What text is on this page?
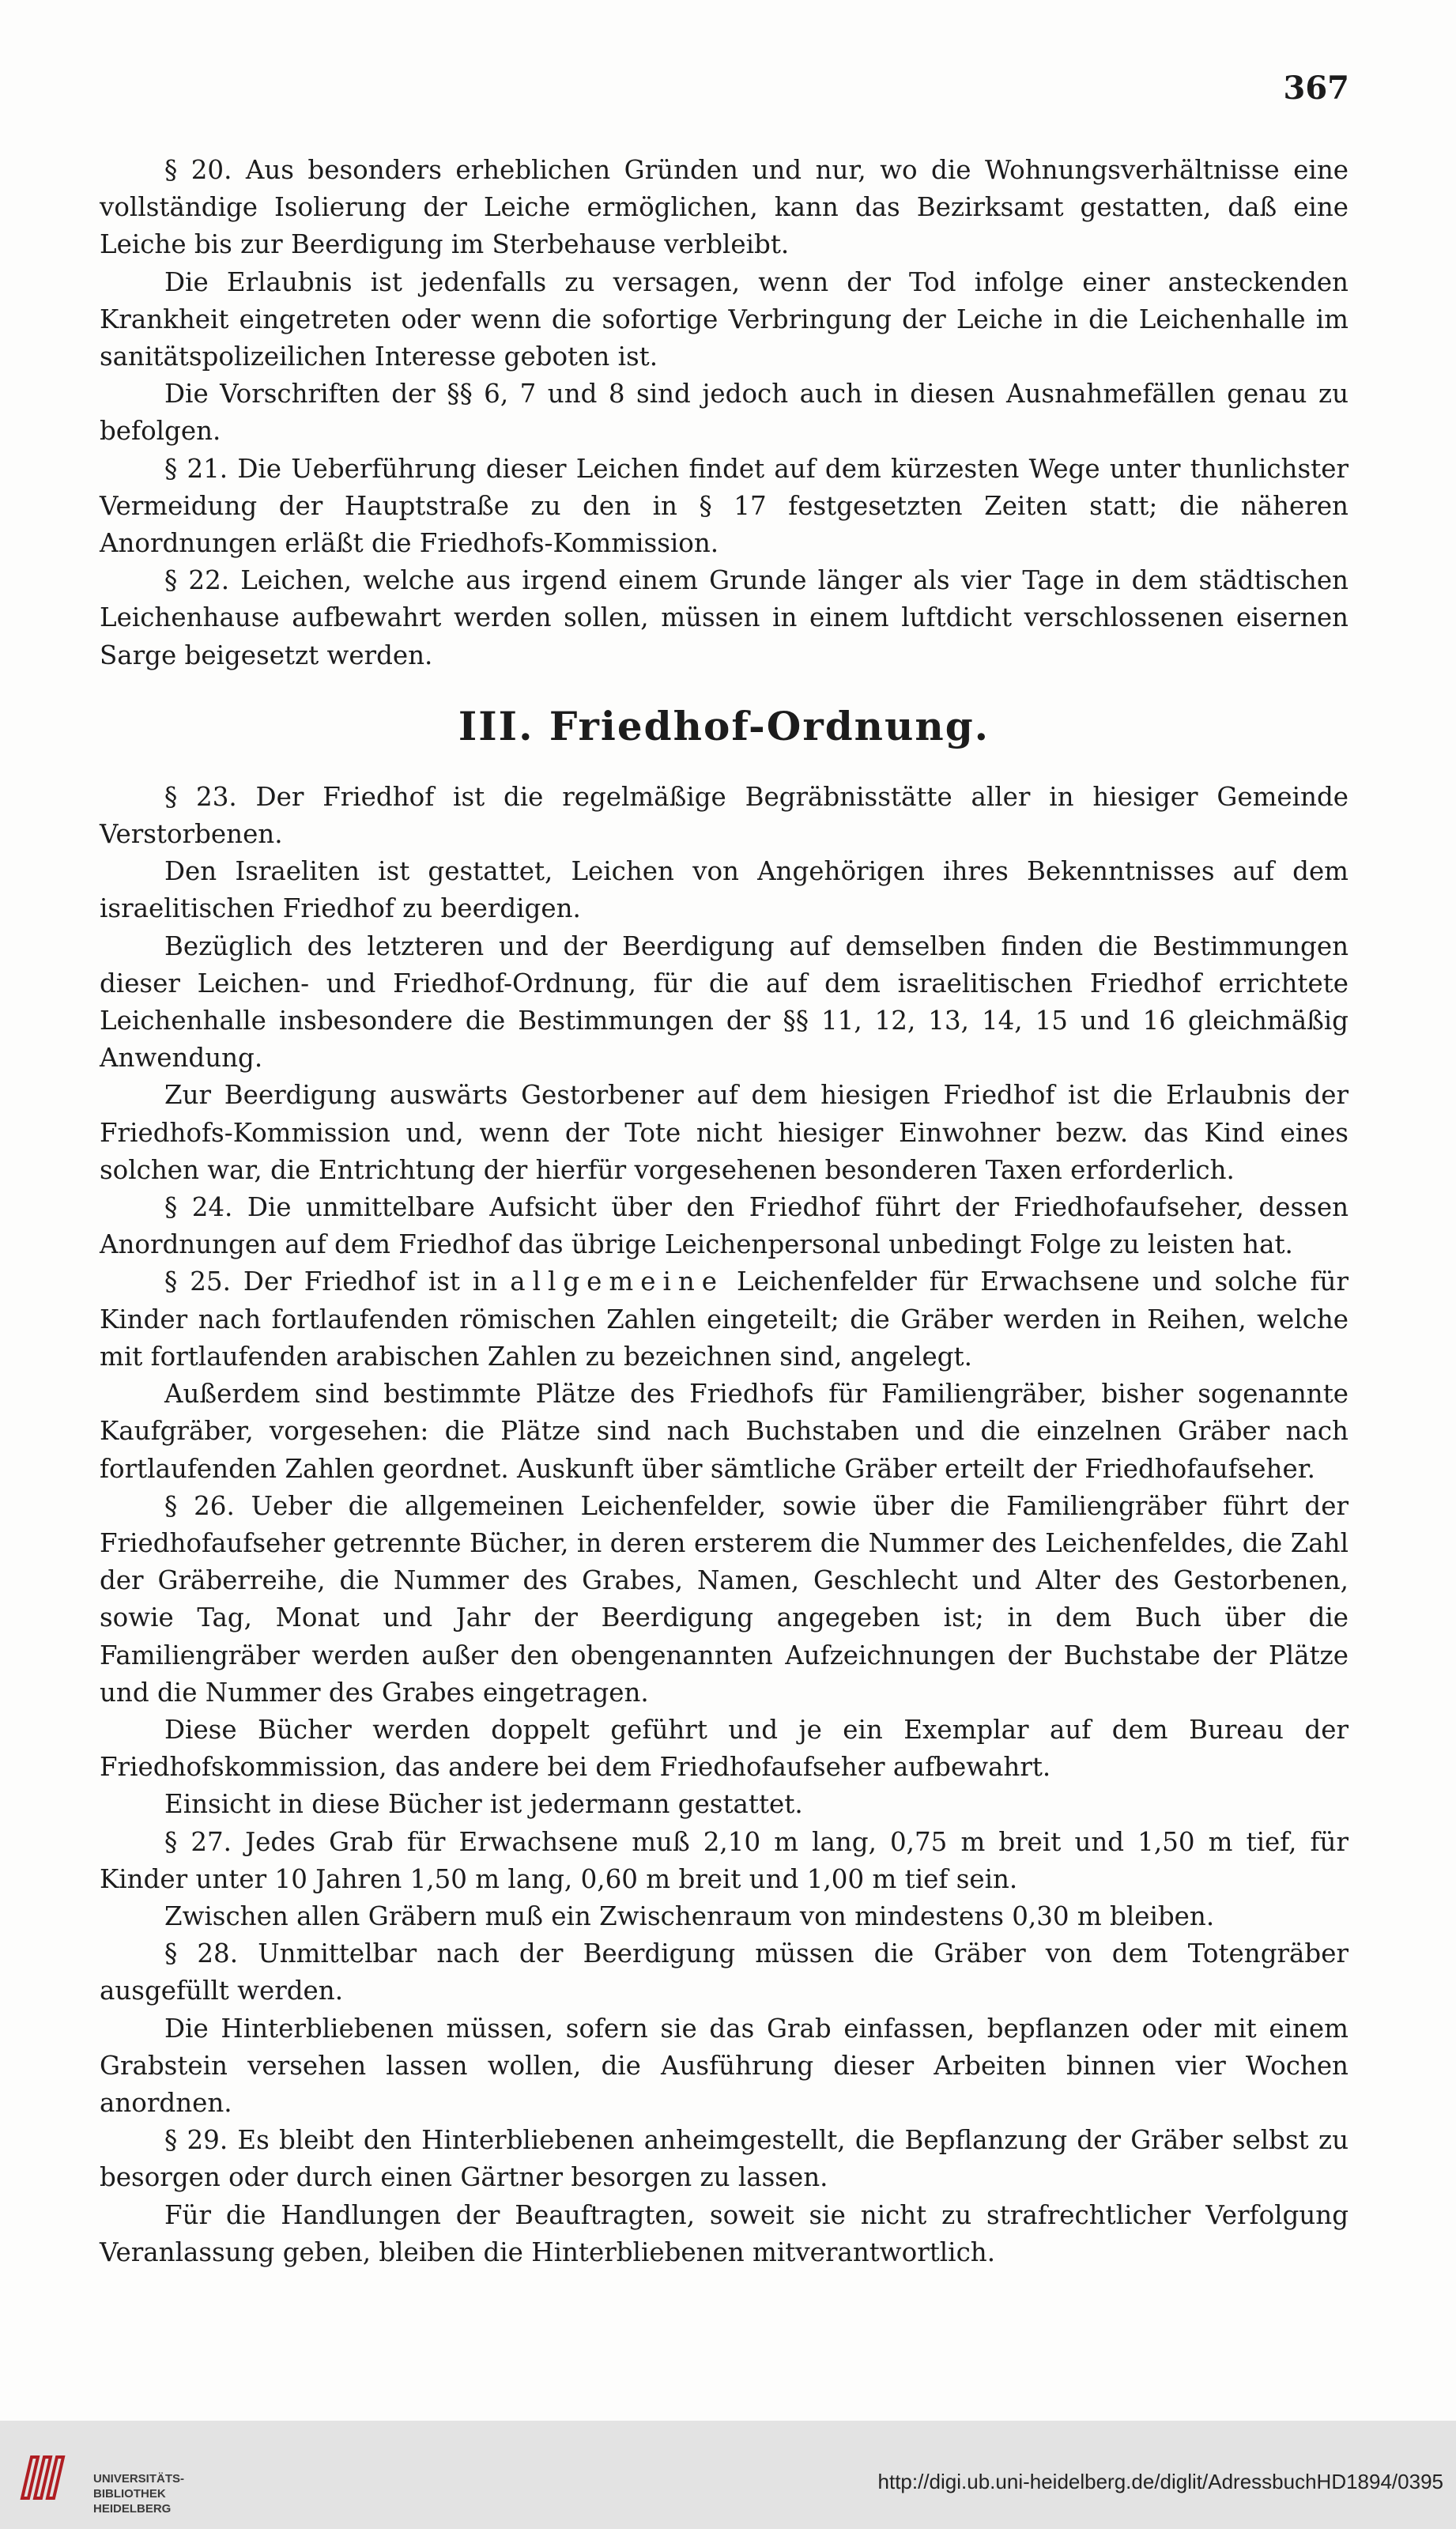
367

§ 20. Aus besonders erheblichen Gründen und nur, wo die Wohnungsverhältnisse eine vollständige Isolierung der Leiche ermöglichen, kann das Bezirksamt gestatten, daß eine Leiche bis zur Beerdigung im Sterbehause verbleibt.

Die Erlaubnis ist jedenfalls zu versagen, wenn der Tod infolge einer ansteckenden Krankheit eingetreten oder wenn die sofortige Verbringung der Leiche in die Leichenhalle im sanitätspolizeilichen Interesse geboten ist.

Die Vorschriften der §§ 6, 7 und 8 sind jedoch auch in diesen Ausnahmefällen genau zu befolgen.

§ 21. Die Ueberführung dieser Leichen findet auf dem kürzesten Wege unter thunlichster Vermeidung der Hauptstraße zu den in § 17 festgesetzten Zeiten statt; die näheren Anordnungen erläßt die Friedhofs-Kommission.

§ 22. Leichen, welche aus irgend einem Grunde länger als vier Tage in dem städtischen Leichenhause aufbewahrt werden sollen, müssen in einem luftdicht verschlossenen eisernen Sarge beigesetzt werden.

III. Friedhof-Ordnung.

§ 23. Der Friedhof ist die regelmäßige Begräbnisstätte aller in hiesiger Gemeinde Verstorbenen.

Den Israeliten ist gestattet, Leichen von Angehörigen ihres Bekenntnisses auf dem israelitischen Friedhof zu beerdigen.

Bezüglich des letzteren und der Beerdigung auf demselben finden die Bestimmungen dieser Leichen- und Friedhof-Ordnung, für die auf dem israelitischen Friedhof errichtete Leichenhalle insbesondere die Bestimmungen der §§ 11, 12, 13, 14, 15 und 16 gleichmäßig Anwendung.

Zur Beerdigung auswärts Gestorbener auf dem hiesigen Friedhof ist die Erlaubnis der Friedhofs-Kommission und, wenn der Tote nicht hiesiger Einwohner bezw. das Kind eines solchen war, die Entrichtung der hierfür vorgesehenen besonderen Taxen erforderlich.

§ 24. Die unmittelbare Aufsicht über den Friedhof führt der Friedhofaufseher, dessen Anordnungen auf dem Friedhof das übrige Leichenpersonal unbedingt Folge zu leisten hat.

§ 25. Der Friedhof ist in allgemeine Leichenfelder für Erwachsene und solche für Kinder nach fortlaufenden römischen Zahlen eingeteilt; die Gräber werden in Reihen, welche mit fortlaufenden arabischen Zahlen zu bezeichnen sind, angelegt.

Außerdem sind bestimmte Plätze des Friedhofs für Familiengräber, bisher sogenannte Kaufgräber, vorgesehen: die Plätze sind nach Buchstaben und die einzelnen Gräber nach fortlaufenden Zahlen geordnet. Auskunft über sämtliche Gräber erteilt der Friedhofaufseher.

§ 26. Ueber die allgemeinen Leichenfelder, sowie über die Familiengräber führt der Friedhofaufseher getrennte Bücher, in deren ersterem die Nummer des Leichenfeldes, die Zahl der Gräberreihe, die Nummer des Grabes, Namen, Geschlecht und Alter des Gestorbenen, sowie Tag, Monat und Jahr der Beerdigung angegeben ist; in dem Buch über die Familiengräber werden außer den obengenannten Aufzeichnungen der Buchstabe der Plätze und die Nummer des Grabes eingetragen.

Diese Bücher werden doppelt geführt und je ein Exemplar auf dem Bureau der Friedhofskommission, das andere bei dem Friedhofaufseher aufbewahrt.

Einsicht in diese Bücher ist jedermann gestattet.

§ 27. Jedes Grab für Erwachsene muß 2,10 m lang, 0,75 m breit und 1,50 m tief, für Kinder unter 10 Jahren 1,50 m lang, 0,60 m breit und 1,00 m tief sein.

Zwischen allen Gräbern muß ein Zwischenraum von mindestens 0,30 m bleiben.

§ 28. Unmittelbar nach der Beerdigung müssen die Gräber von dem Totengräber ausgefüllt werden.

Die Hinterbliebenen müssen, sofern sie das Grab einfassen, bepflanzen oder mit einem Grabstein versehen lassen wollen, die Ausführung dieser Arbeiten binnen vier Wochen anordnen.

§ 29. Es bleibt den Hinterbliebenen anheimgestellt, die Bepflanzung der Gräber selbst zu besorgen oder durch einen Gärtner besorgen zu lassen.

Für die Handlungen der Beauftragten, soweit sie nicht zu strafrechtlicher Verfolgung Veranlassung geben, bleiben die Hinterbliebenen mitverantwortlich.

UNIVERSITÄTS-
BIBLIOTHEK
HEIDELBERG
http://digi.ub.uni-heidelberg.de/diglit/AdressbuchHD1894/0395
